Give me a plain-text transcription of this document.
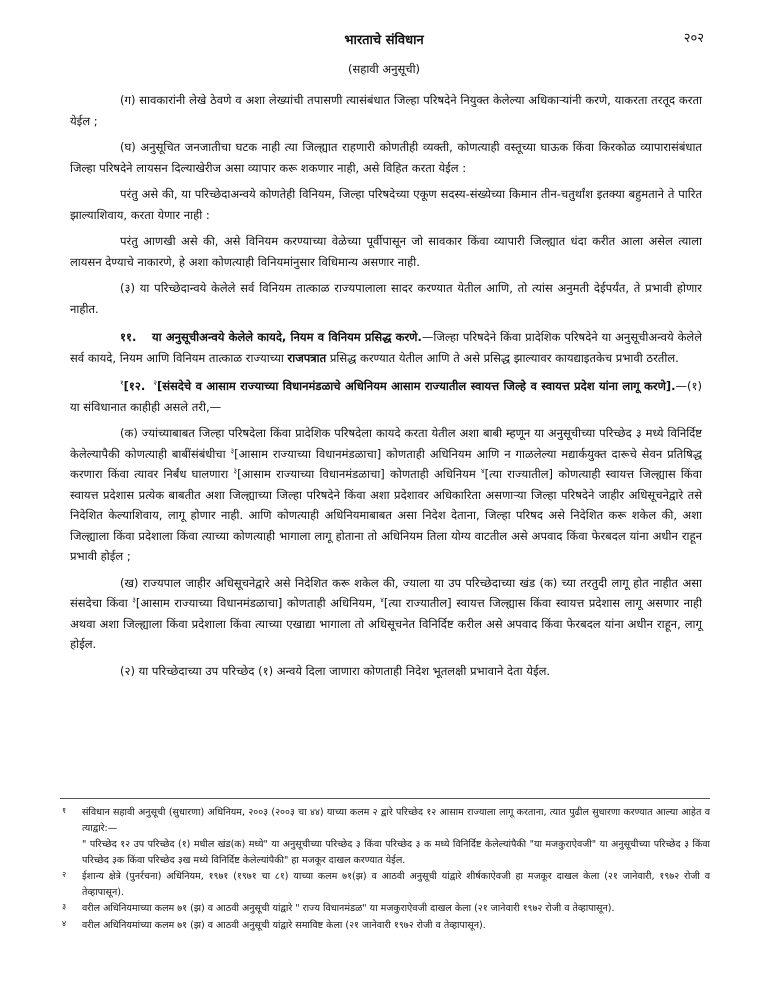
भारताचे संविधान	२०२
(सहावी अनुसूची)

(ग) सावकारांनी लेखे ठेवणे व अशा लेख्यांची तपासणी त्यासंबंधात जिल्हा परिषदेने नियुक्त केलेल्या अधिकाऱ्यांनी करणे, याकरता तरतूद करता येईल ;

(घ) अनुसूचित जनजातीचा घटक नाही त्या जिल्ह्यात राहणारी कोणतीही व्यक्ती, कोणत्याही वस्तूच्या घाऊक किंवा किरकोळ व्यापारासंबंधात जिल्हा परिषदेने लायसन दिल्याखेरीज असा व्यापार करू शकणार नाही, असे विहित करता येईल :

परंतु असे की, या परिच्छेदाअन्वये कोणतेही विनियम, जिल्हा परिषदेच्या एकूण सदस्य-संख्येच्या किमान तीन-चतुर्थांश इतक्या बहुमताने ते पारित झाल्याशिवाय, करता येणार नाही :

परंतु आणखी असे की, असे विनियम करण्याच्या वेळेच्या पूर्वीपासून जो सावकार किंवा व्यापारी जिल्ह्यात धंदा करीत आला असेल त्याला लायसन देण्याचे नाकारणे, हे अशा कोणत्याही विनियमांनुसार विधिमान्य असणार नाही.

(३) या परिच्छेदान्वये केलेले सर्व विनियम तात्काळ राज्यपालाला सादर करण्यात येतील आणि, तो त्यांस अनुमती देईपर्यंत, ते प्रभावी होणार नाहीत.

११. या अनुसूचीअन्वये केलेले कायदे, नियम व विनियम प्रसिद्ध करणे.—जिल्हा परिषदेने किंवा प्रादेशिक परिषदेने या अनुसूचीअन्वये केलेले सर्व कायदे, नियम आणि विनियम तात्काळ राज्याच्या राजपत्रात प्रसिद्ध करण्यात येतील आणि ते असे प्रसिद्ध झाल्यावर कायद्याइतकेच प्रभावी ठरतील.

$^१$[१२. $^२$[संसदेचे व आसाम राज्याच्या विधानमंडळाचे अधिनियम आसाम राज्यातील स्वायत्त जिल्हे व स्वायत्त प्रदेश यांना लागू करणे].—(१) या संविधानात काहीही असले तरी,—

(क) ज्यांच्याबाबत जिल्हा परिषदेला किंवा प्रादेशिक परिषदेला कायदे करता येतील अशा बाबी म्हणून या अनुसूचीच्या परिच्छेद ३ मध्ये विनिर्दिष्ट केलेल्यापैकी कोणत्याही बाबींसंबंधीचा $^३$[आसाम राज्याच्या विधानमंडळाचा] कोणताही अधिनियम आणि न गाळलेल्या मद्यार्कयुक्त दारूचे सेवन प्रतिषिद्ध करणारा किंवा त्यावर निर्बंध घालणारा $^३$[आसाम राज्याच्या विधानमंडळाचा] कोणताही अधिनियम $^४$[त्या राज्यातील] कोणत्याही स्वायत्त जिल्ह्यास किंवा स्वायत्त प्रदेशास प्रत्येक बाबतीत अशा जिल्ह्याच्या जिल्हा परिषदेने किंवा अशा प्रदेशावर अधिकारिता असणाऱ्या जिल्हा परिषदेने जाहीर अधिसूचनेद्वारे तसे निदेशित केल्याशिवाय, लागू होणार नाही. आणि कोणत्याही अधिनियमाबाबत असा निदेश देताना, जिल्हा परिषद असे निदेशित करू शकेल की, अशा जिल्ह्याला किंवा प्रदेशाला किंवा त्याच्या कोणत्याही भागाला लागू होताना तो अधिनियम तिला योग्य वाटतील असे अपवाद किंवा फेरबदल यांना अधीन राहून प्रभावी होईल ;

(ख) राज्यपाल जाहीर अधिसूचनेद्वारे असे निदेशित करू शकेल की, ज्याला या उप परिच्छेदाच्या खंड (क) च्या तरतुदी लागू होत नाहीत असा संसदेचा किंवा $^३$[आसाम राज्याच्या विधानमंडळाचा] कोणताही अधिनियम, $^४$[त्या राज्यातील] स्वायत्त जिल्ह्यास किंवा स्वायत्त प्रदेशास लागू असणार नाही अथवा अशा जिल्ह्याला किंवा प्रदेशाला किंवा त्याच्या एखाद्या भागाला तो अधिसूचनेत विनिर्दिष्ट करील असे अपवाद किंवा फेरबदल यांना अधीन राहून, लागू होईल.

(२) या परिच्छेदाच्या उप परिच्छेद (१) अन्वये दिला जाणारा कोणताही निदेश भूतलक्षी प्रभावाने देता येईल.

१ संविधान सहावी अनुसूची (सुधारणा) अधिनियम, २००३ (२००३ चा ४४) याच्या कलम २ द्वारे परिच्छेद १२ आसाम राज्याला लागू करताना, त्यात पुढील सुधारणा करण्यात आल्या आहेत व त्याद्वारे:—
" परिच्छेद १२ उप परिच्छेद (१) मधील खंड(क) मध्ये" या अनुसूचीच्या परिच्छेद ३ किंवा परिच्छेद ३ क मध्ये विनिर्दिष्ट केलेल्यांपैकी "या मजकुराऐवजी" या अनुसूचीच्या परिच्छेद ३ किंवा परिच्छेद ३क किंवा परिच्छेद ३ख मध्ये विनिर्दिष्ट केलेल्यांपैकी" हा मजकूर दाखल करण्यात येईल.
२ ईशान्य क्षेत्रे (पुनर्रचना) अधिनियम, १९७१ (१९७१ चा ८१) याच्या कलम ७१(झ) व आठवी अनुसूची यांद्वारे शीर्षकाऐवजी हा मजकूर दाखल केला (२१ जानेवारी, १९७२ रोजी व तेव्हापासून).
३ वरील अधिनियमाच्या कलम ७१ (झ) व आठवी अनुसूची यांद्वारे " राज्य विधानमंडळ" या मजकुराऐवजी दाखल केला (२१ जानेवारी १९७२ रोजी व तेव्हापासून).
४ वरील अधिनियमांच्या कलम ७१ (झ) व आठवी अनुसूची यांद्वारे समाविष्ट केला (२१ जानेवारी १९७२ रोजी व तेव्हापासून).
